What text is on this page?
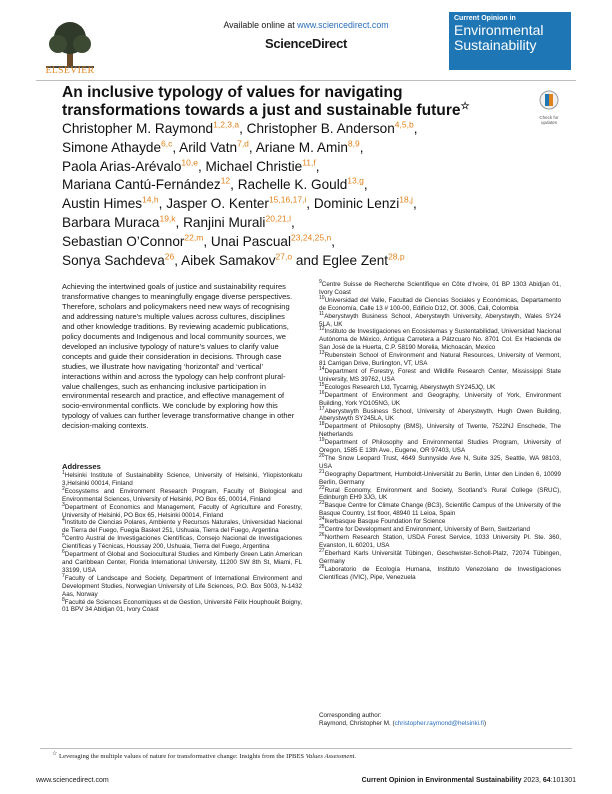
ELSEVIER
Available online at www.sciencedirect.com
ScienceDirect
Current Opinion in
Environmental
Sustainability
An inclusive typology of values for navigating
transformations towards a just and sustainable future☆
Check for
updates
Christopher M. Raymond$^{1,2,3,a}$, Christopher B. Anderson$^{4,5,b}$,
Simone Athayde$^{6,c}$, Arild Vatn$^{7,d}$, Ariane M. Amin$^{8,9}$,
Paola Arias-Arévalo$^{10,e}$, Michael Christie$^{11,f}$,
Mariana Cantú-Fernández$^{12}$, Rachelle K. Gould$^{13,g}$,
Austin Himes$^{14,h}$, Jasper O. Kenter$^{15,16,17,i}$, Dominic Lenzi$^{18,j}$,
Barbara Muraca$^{19,k}$, Ranjini Murali$^{20,21,l}$,
Sebastian O’Connor$^{22,m}$, Unai Pascual$^{23,24,25,n}$,
Sonya Sachdeva$^{26}$, Aibek Samakov$^{27,o}$ and Eglee Zent$^{28,p}$
Achieving the intertwined goals of justice and sustainability requires transformative changes to meaningfully engage diverse perspectives. Therefore, scholars and policymakers need new ways of recognising and addressing nature’s multiple values across cultures, disciplines and other knowledge traditions. By reviewing academic publications, policy documents and Indigenous and local community sources, we developed an inclusive typology of nature’s values to clarify value concepts and guide their consideration in decisions. Through case studies, we illustrate how navigating ‘horizontal’ and ‘vertical’ interactions within and across the typology can help confront plural-value challenges, such as enhancing inclusive participation in environmental research and practice, and effective management of socio-environmental conflicts. We conclude by exploring how this typology of values can further leverage transformative change in other decision-making contexts.
Addresses
$^1$Helsinki Institute of Sustainability Science, University of Helsinki, Yliopistonkatu 3,Helsinki 00014, Finland
$^2$Ecosystems and Environment Research Program, Faculty of Biological and Environmental Sciences, University of Helsinki, PO Box 65, 00014, Finland
$^3$Department of Economics and Management, Faculty of Agriculture and Forestry, University of Helsinki, PO Box 65, Helsinki 00014, Finland
$^4$Instituto de Ciencias Polares, Ambiente y Recursos Naturales, Universidad Nacional de Tierra del Fuego, Fuegia Basket 251, Ushuaia, Tierra del Fuego, Argentina
$^5$Centro Austral de Investigaciones Científicas, Consejo Nacional de Investigaciones Científicas y Técnicas, Houssay 200, Ushuaia, Tierra del Fuego, Argentina
$^6$Department of Global and Sociocultural Studies and Kimberly Green Latin American and Caribbean Center, Florida International University, 11200 SW 8th St, Miami, FL 33199, USA
$^7$Faculty of Landscape and Society, Department of International Environment and Development Studies, Norwegian University of Life Sciences, P.O. Box 5003, N-1432 Aas, Norway
$^8$Faculté de Sciences Economiques et de Gestion, Université Félix Houphouët Boigny, 01 BPV 34 Abidjan 01, Ivory Coast
$^9$Centre Suisse de Recherche Scientifique en Côte d’Ivoire, 01 BP 1303 Abidjan 01, Ivory Coast
$^{10}$Universidad del Valle, Facultad de Ciencias Sociales y Económicas, Departamento de Economía, Calle 13 # 100-00, Edificio D12, Of. 3006, Cali, Colombia
$^{11}$Aberystwyth Business School, Aberystwyth University, Aberystwyth, Wales SY24 5LA, UK
$^{12}$Instituto de Investigaciones en Ecosistemas y Sustentabilidad, Universidad Nacional Autónoma de México, Antigua Carretera a Pátzcuaro No. 8701 Col. Ex Hacienda de San José de la Huerta, C.P. 58190 Morelia, Michoacán, Mexico
$^{13}$Rubenstein School of Environment and Natural Resources, University of Vermont, 81 Carrigan Drive, Burlington, VT, USA
$^{14}$Department of Forestry, Forest and Wildlife Research Center, Mississippi State University, MS 39762, USA
$^{15}$Ecologos Research Ltd, Tycarnig, Aberystwyth SY245JQ, UK
$^{16}$Department of Environment and Geography, University of York, Environment Building, York YO105NG, UK
$^{17}$Aberystwyth Business School, University of Aberystwyth, Hugh Owen Building, Aberystwyth SY245LA, UK
$^{18}$Department of Philosophy (BMS), University of Twente, 7522NJ Enschede, The Netherlands
$^{19}$Department of Philosophy and Environmental Studies Program, University of Oregon, 1585 E 13th Ave., Eugene, OR 97403, USA
$^{20}$The Snow Leopard Trust, 4649 Sunnyside Ave N, Suite 325, Seattle, WA 98103, USA
$^{21}$Geography Department, Humboldt-Universität zu Berlin, Unter den Linden 6, 10099 Berlin, Germany
$^{22}$Rural Economy, Environment and Society, Scotland’s Rural College (SRUC), Edinburgh EH9 3JG, UK
$^{23}$Basque Centre for Climate Change (BC3), Scientific Campus of the University of the Basque Country, 1st floor, 48940 11 Leioa, Spain
$^{24}$Ikerbasque Basque Foundation for Science
$^{25}$Centre for Development and Environment, University of Bern, Switzerland
$^{26}$Northern Research Station, USDA Forest Service, 1033 University Pl. Ste. 360, Evanston, IL 60201, USA
$^{27}$Eberhard Karls Universität Tübingen, Geschwister-Scholl-Platz, 72074 Tübingen, Germany
$^{28}$Laboratorio de Ecología Humana, Instituto Venezolano de Investigaciones Científicas (IVIC), Pipe, Venezuela
Corresponding author:
Raymond, Christopher M. (christopher.raymond@helsinki.fi)
☆ Leveraging the multiple values of nature for transformative change: Insights from the IPBES Values Assessment.
www.sciencedirect.com	Current Opinion in Environmental Sustainability 2023, 64:101301
